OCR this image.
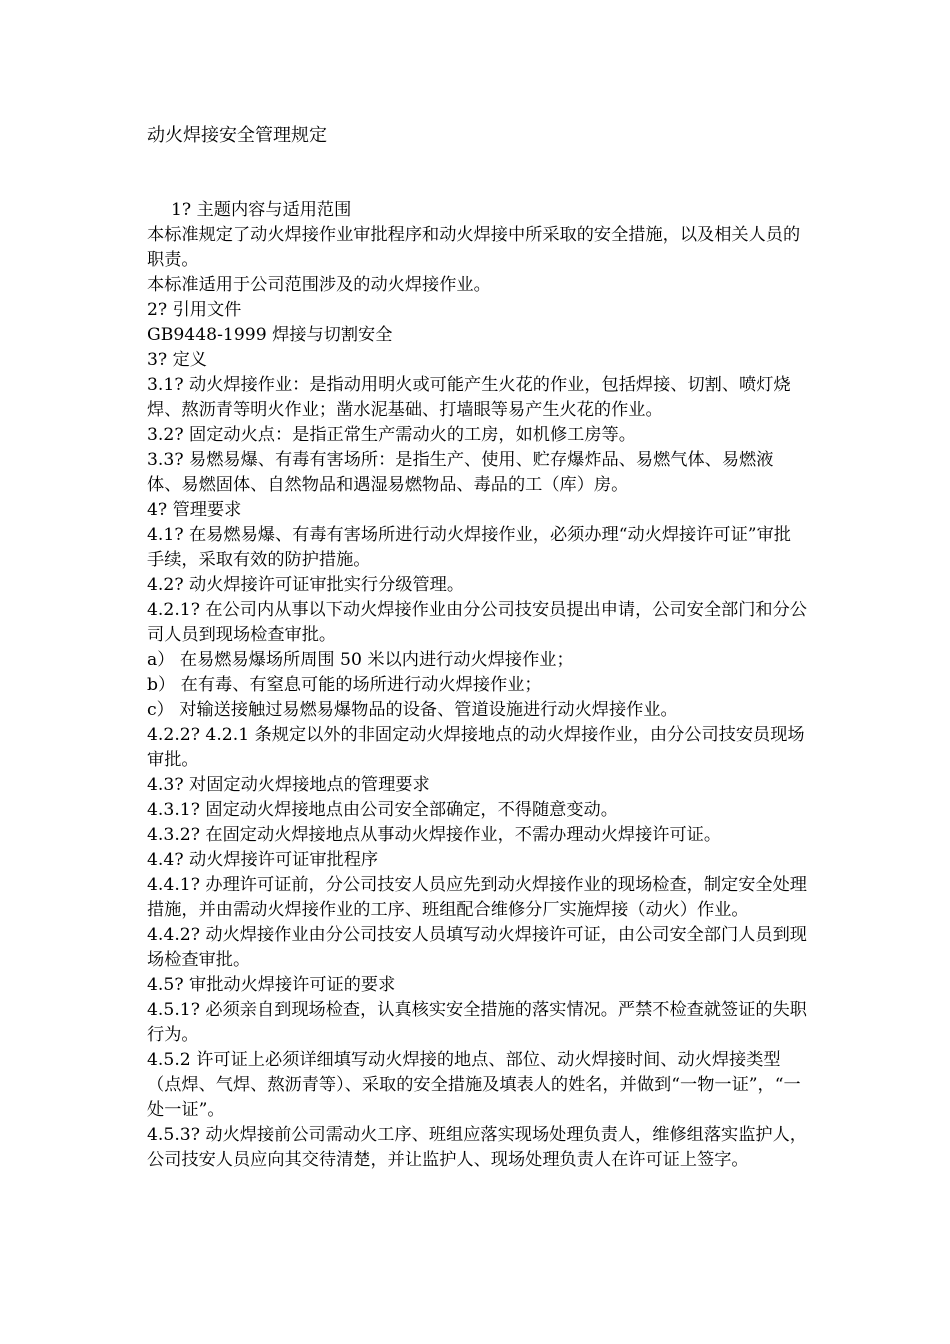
动火焊接安全管理规定

1? 主题内容与适用范围

本标准规定了动火焊接作业审批程序和动火焊接中所采取的安全措施，以及相关人员的职责。

本标准适用于公司范围涉及的动火焊接作业。

2? 引用文件

GB9448-1999 焊接与切割安全

3? 定义

3.1? 动火焊接作业：是指动用明火或可能产生火花的作业，包括焊接、切割、喷灯烧焊、熬沥青等明火作业；凿水泥基础、打墙眼等易产生火花的作业。

3.2? 固定动火点：是指正常生产需动火的工房，如机修工房等。

3.3? 易燃易爆、有毒有害场所：是指生产、使用、贮存爆炸品、易燃气体、易燃液体、易燃固体、自然物品和遇湿易燃物品、毒品的工（库）房。

4? 管理要求

4.1? 在易燃易爆、有毒有害场所进行动火焊接作业，必须办理“动火焊接许可证”审批手续，采取有效的防护措施。

4.2? 动火焊接许可证审批实行分级管理。

4.2.1? 在公司内从事以下动火焊接作业由分公司技安员提出申请，公司安全部门和分公司人员到现场检查审批。

a） 在易燃易爆场所周围 50 米以内进行动火焊接作业；

b） 在有毒、有窒息可能的场所进行动火焊接作业；

c） 对输送接触过易燃易爆物品的设备、管道设施进行动火焊接作业。

4.2.2? 4.2.1 条规定以外的非固定动火焊接地点的动火焊接作业，由分公司技安员现场审批。

4.3? 对固定动火焊接地点的管理要求

4.3.1? 固定动火焊接地点由公司安全部确定，不得随意变动。

4.3.2? 在固定动火焊接地点从事动火焊接作业，不需办理动火焊接许可证。

4.4? 动火焊接许可证审批程序

4.4.1? 办理许可证前，分公司技安人员应先到动火焊接作业的现场检查，制定安全处理措施，并由需动火焊接作业的工序、班组配合维修分厂实施焊接（动火）作业。

4.4.2? 动火焊接作业由分公司技安人员填写动火焊接许可证，由公司安全部门人员到现场检查审批。

4.5? 审批动火焊接许可证的要求

4.5.1? 必须亲自到现场检查，认真核实安全措施的落实情况。严禁不检查就签证的失职行为。

4.5.2 许可证上必须详细填写动火焊接的地点、部位、动火焊接时间、动火焊接类型（点焊、气焊、熬沥青等）、采取的安全措施及填表人的姓名，并做到“一物一证”，“一处一证”。

4.5.3? 动火焊接前公司需动火工序、班组应落实现场处理负责人，维修组落实监护人，公司技安人员应向其交待清楚，并让监护人、现场处理负责人在许可证上签字。
